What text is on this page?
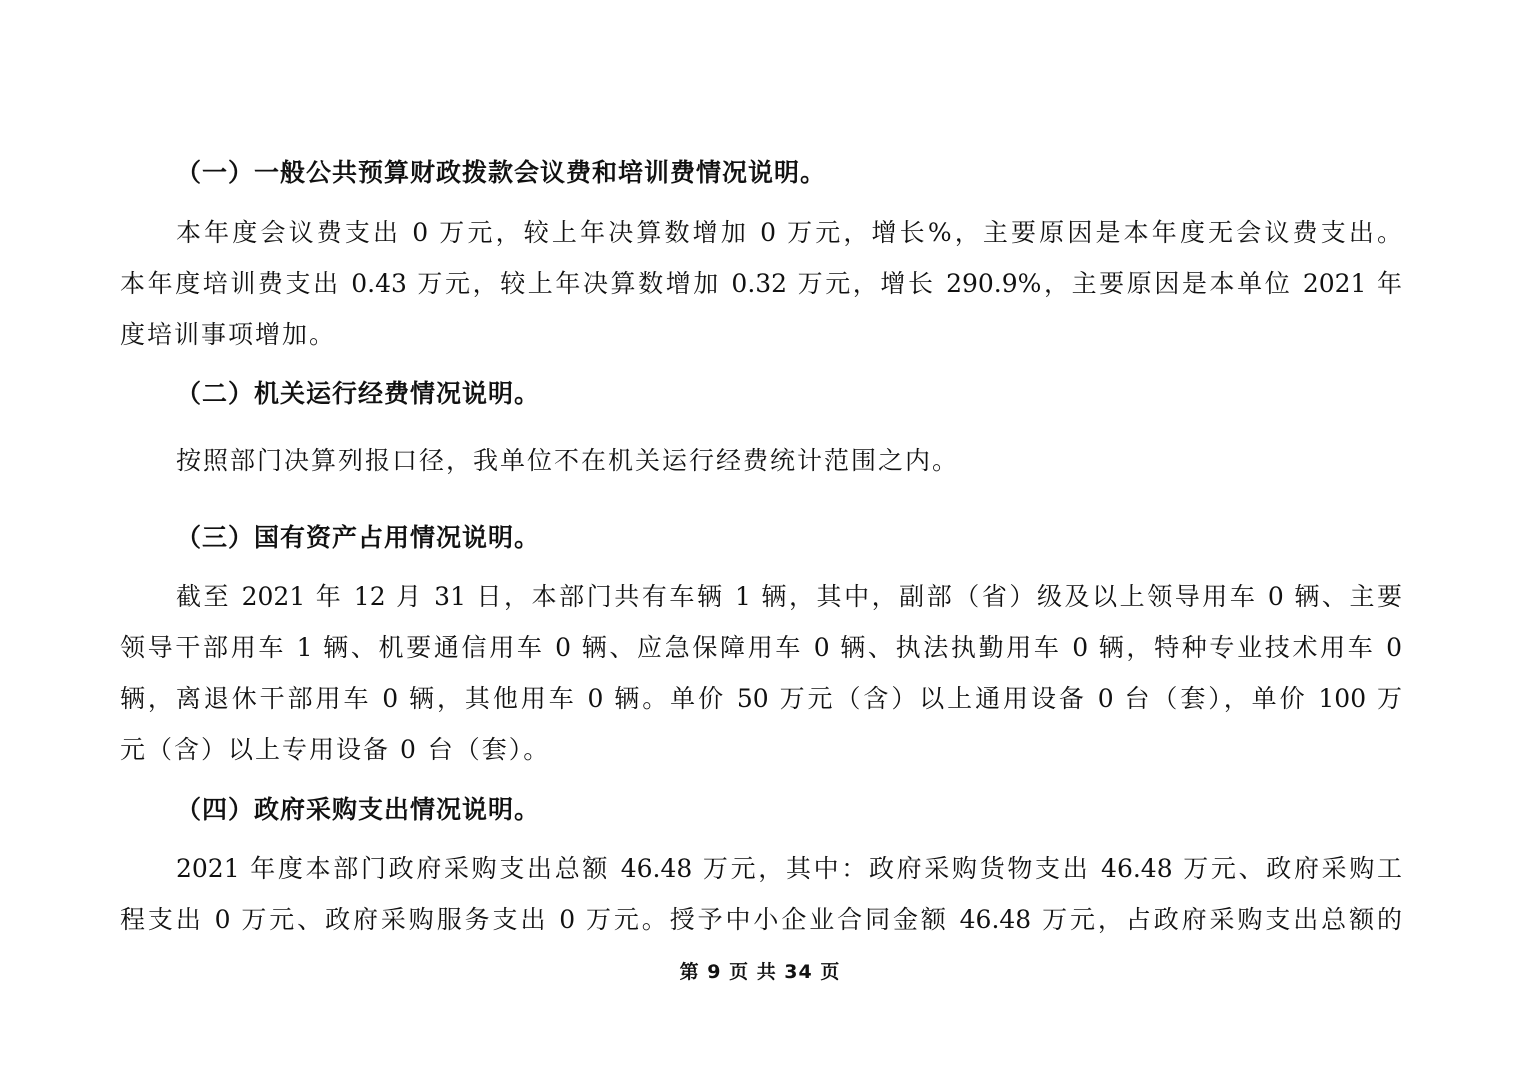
（一）一般公共预算财政拨款会议费和培训费情况说明。
本年度会议费支出 0 万元，较上年决算数增加 0 万元，增长%，主要原因是本年度无会议费支出。
本年度培训费支出 0.43 万元，较上年决算数增加 0.32 万元，增长 290.9%，主要原因是本单位 2021 年
度培训事项增加。
（二）机关运行经费情况说明。
按照部门决算列报口径，我单位不在机关运行经费统计范围之内。
（三）国有资产占用情况说明。
截至 2021 年 12 月 31 日，本部门共有车辆 1 辆，其中，副部（省）级及以上领导用车 0 辆、主要
领导干部用车 1 辆、机要通信用车 0 辆、应急保障用车 0 辆、执法执勤用车 0 辆，特种专业技术用车 0
辆，离退休干部用车 0 辆，其他用车 0 辆。单价 50 万元（含）以上通用设备 0 台（套），单价 100 万
元（含）以上专用设备 0 台（套）。
（四）政府采购支出情况说明。
2021 年度本部门政府采购支出总额 46.48 万元，其中：政府采购货物支出 46.48 万元、政府采购工
程支出 0 万元、政府采购服务支出 0 万元。授予中小企业合同金额 46.48 万元，占政府采购支出总额的
第 9 页 共 34 页
